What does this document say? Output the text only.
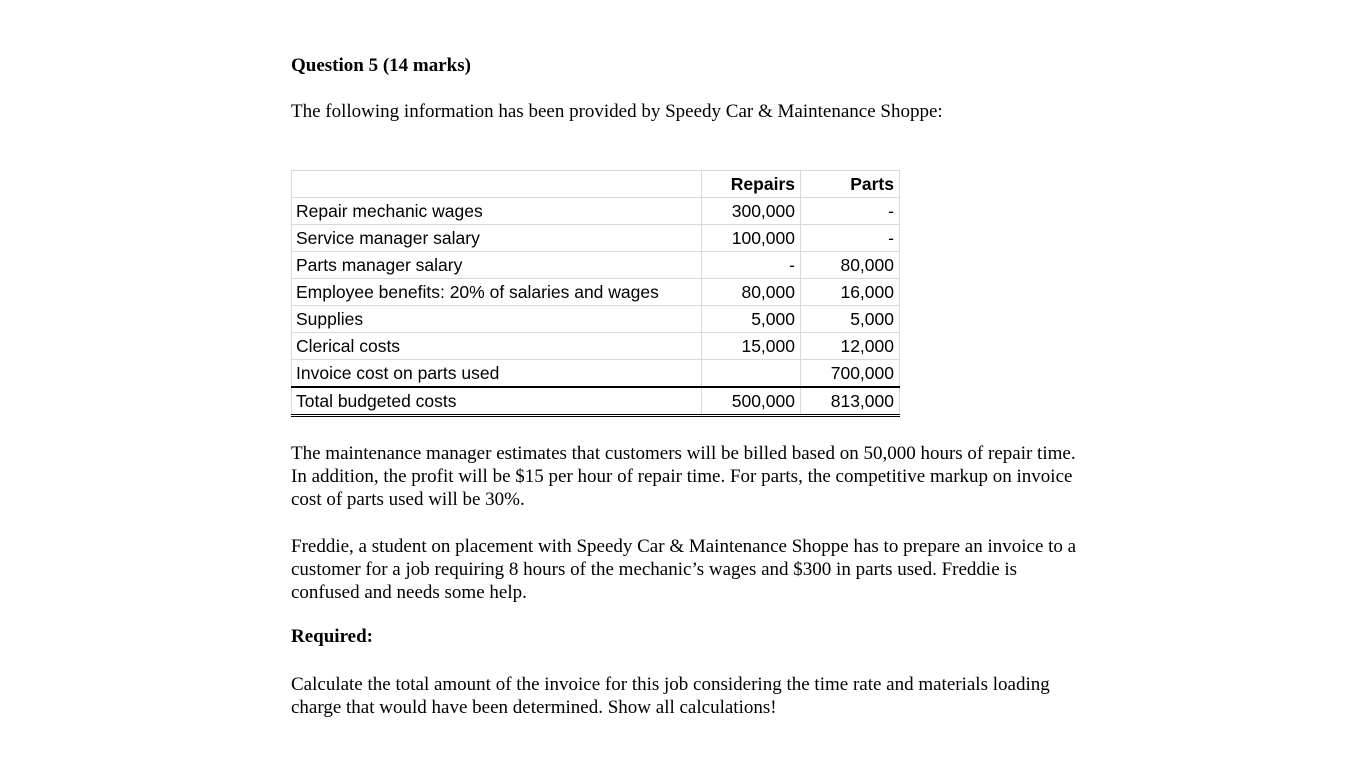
Question 5 (14 marks)
The following information has been provided by Speedy Car & Maintenance Shoppe:
	Repairs	Parts
Repair mechanic wages	300,000	-
Service manager salary	100,000	-
Parts manager salary	-	80,000
Employee benefits: 20% of salaries and wages	80,000	16,000
Supplies	5,000	5,000
Clerical costs	15,000	12,000
Invoice cost on parts used		700,000
Total budgeted costs	500,000	813,000
The maintenance manager estimates that customers will be billed based on 50,000 hours of repair time. In addition, the profit will be $15 per hour of repair time. For parts, the competitive markup on invoice cost of parts used will be 30%.
Freddie, a student on placement with Speedy Car & Maintenance Shoppe has to prepare an invoice to a customer for a job requiring 8 hours of the mechanic’s wages and $300 in parts used. Freddie is confused and needs some help.
Required:
Calculate the total amount of the invoice for this job considering the time rate and materials loading charge that would have been determined. Show all calculations!
